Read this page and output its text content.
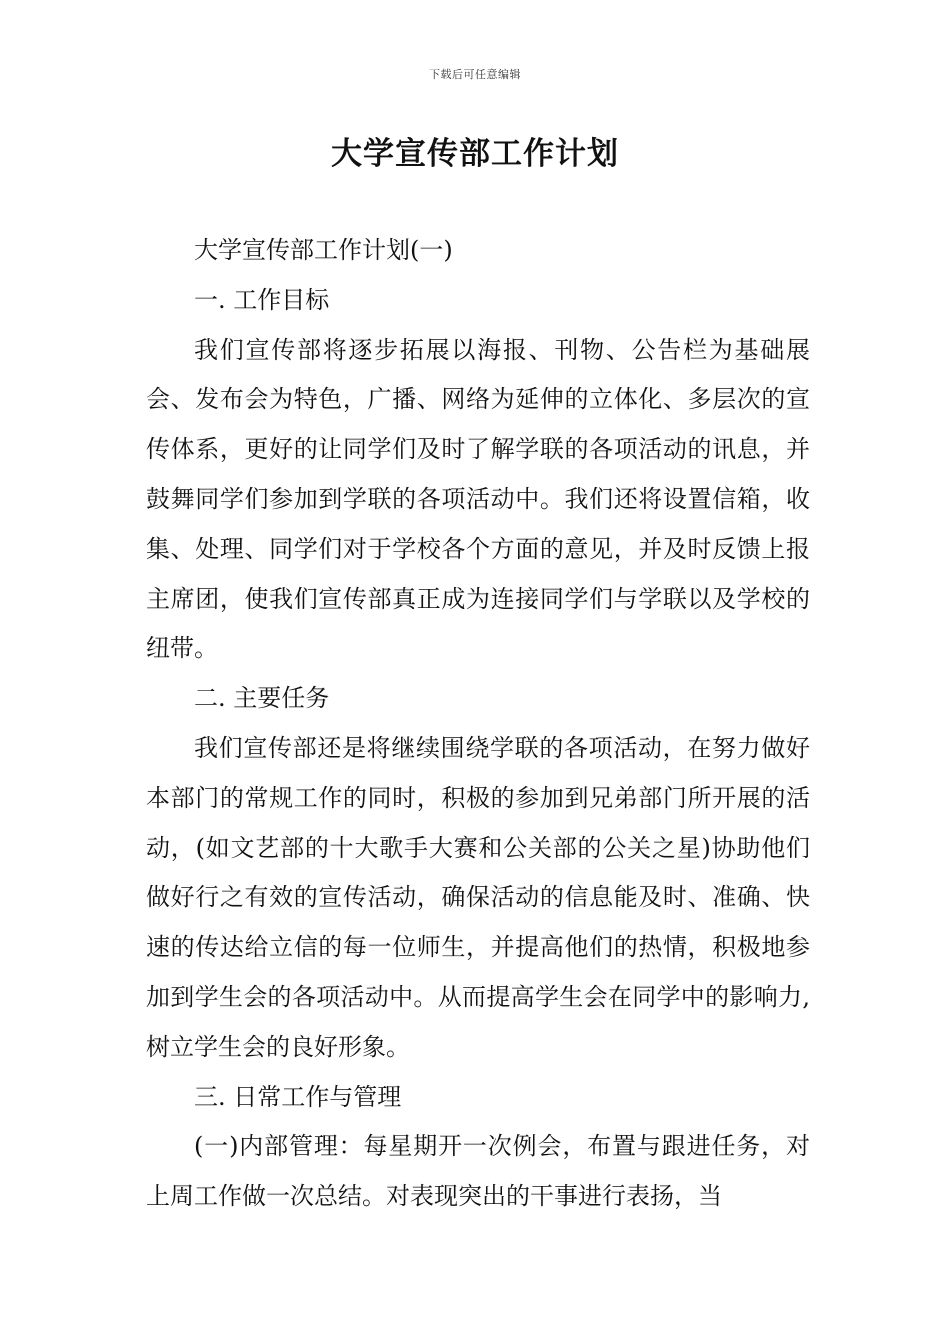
下载后可任意编辑
大学宣传部工作计划

大学宣传部工作计划(一)

一. 工作目标

我们宣传部将逐步拓展以海报、刊物、公告栏为基础展会、发布会为特色，广播、网络为延伸的立体化、多层次的宣传体系，更好的让同学们及时了解学联的各项活动的讯息，并鼓舞同学们参加到学联的各项活动中。我们还将设置信箱，收集、处理、同学们对于学校各个方面的意见，并及时反馈上报主席团，使我们宣传部真正成为连接同学们与学联以及学校的纽带。

二. 主要任务

我们宣传部还是将继续围绕学联的各项活动，在努力做好本部门的常规工作的同时，积极的参加到兄弟部门所开展的活动，(如文艺部的十大歌手大赛和公关部的公关之星)协助他们做好行之有效的宣传活动，确保活动的信息能及时、准确、快速的传达给立信的每一位师生，并提高他们的热情，积极地参加到学生会的各项活动中。从而提高学生会在同学中的影响力,树立学生会的良好形象。

三. 日常工作与管理

(一)内部管理：每星期开一次例会，布置与跟进任务，对上周工作做一次总结。对表现突出的干事进行表扬，当
